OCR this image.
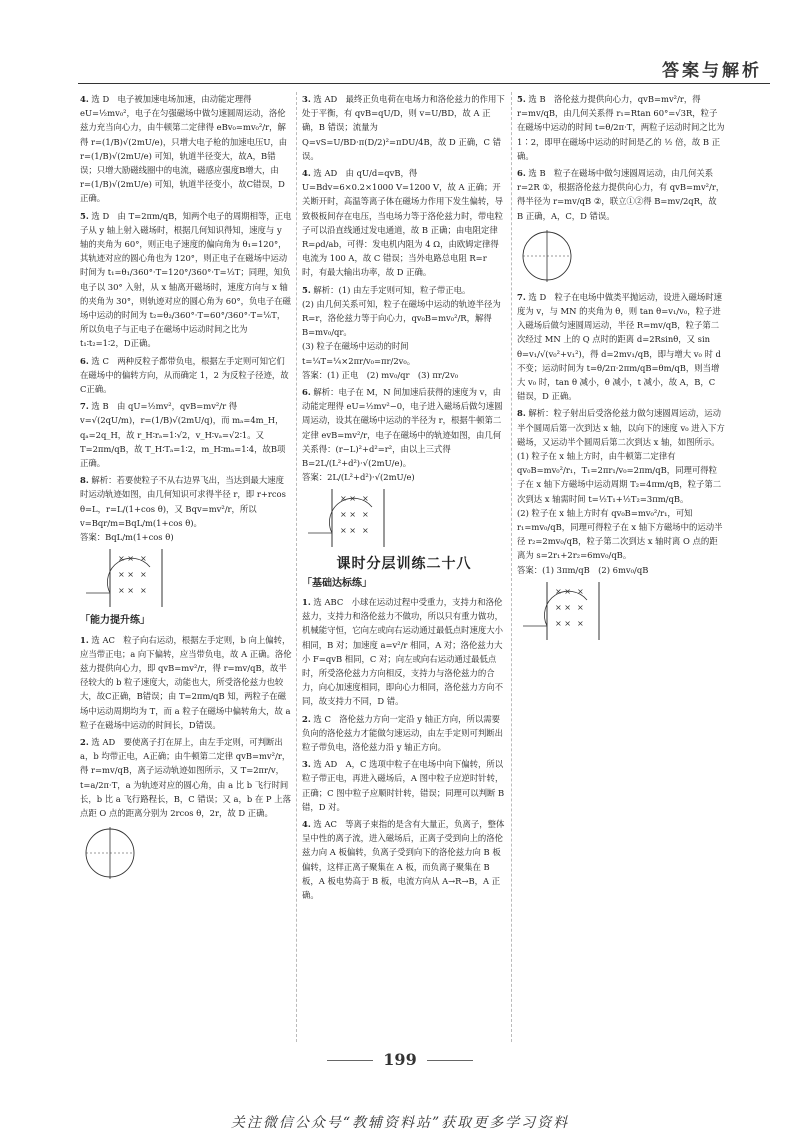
答案与解析
4. 选 D　电子被加速电场加速，由动能定理得 eU=½mv₀²，电子在匀强磁场中做匀速圆周运动，洛伦兹力充当向心力，由牛顿第二定律得 eBv₀=mv₀²/r，解得 r=(1/B)√(2mU/e)，只增大电子枪的加速电压U，由 r=(1/B)√(2mU/e) 可知，轨道半径变大，故A，B错误；只增大励磁线圈中的电流，磁感应强度B增大，由 r=(1/B)√(2mU/e) 可知，轨道半径变小，故C错误，D正确。
5. 选 D　由 T=2πm/qB，知两个电子的周期相等，正电子从 y 轴上射入磁场时，根据几何知识得知，速度与 y 轴的夹角为 60°，则正电子速度的偏向角为 θ₁=120°，其轨迹对应的圆心角也为 120°，则正电子在磁场中运动时间为 t₁=θ₁/360°·T=120°/360°·T=⅓T；同理，知负电子以 30° 入射，从 x 轴离开磁场时，速度方向与 x 轴的夹角为 30°，则轨迹对应的圆心角为 60°，负电子在磁场中运动的时间为 t₂=θ₂/360°·T=60°/360°·T=⅙T，所以负电子与正电子在磁场中运动时间之比为 t₁∶t₂=1∶2，D正确。
6. 选 C　两种反粒子都带负电，根据左手定则可知它们在磁场中的偏转方向，从而确定 1，2 为反粒子径迹，故C正确。
7. 选 B　由 qU=½mv²，qvB=mv²/r 得 v=√(2qU/m)，r=(1/B)√(2mU/q)，而 mₐ=4m_H，qₐ=2q_H，故 r_H∶rₐ=1∶√2，v_H∶vₐ=√2∶1。又 T=2πm/qB，故 T_H∶Tₐ=1∶2，m_H∶mₐ=1∶4，故B项正确。
8. 解析：若要使粒子不从右边界飞出，当达到最大速度时运动轨迹如图，由几何知识可求得半径 r，即 r+rcos θ=L，r=L/(1+cos θ)，又 Bqv=mv²/r，所以 v=Bqr/m=BqL/m(1+cos θ)。
答案：BqL/m(1+cos θ)
× × ×
× × ×
× × ×
「能力提升练」
1. 选 AC　粒子向右运动，根据左手定则，b 向上偏转，应当带正电；a 向下偏转，应当带负电，故 A 正确。洛伦兹力提供向心力，即 qvB=mv²/r，得 r=mv/qB，故半径较大的 b 粒子速度大，动能也大，所受洛伦兹力也较大，故C正确，B错误；由 T=2πm/qB 知，两粒子在磁场中运动周期均为 T，而 a 粒子在磁场中偏转角大，故 a 粒子在磁场中运动的时间长，D错误。
2. 选 AD　要使离子打在屏上，由左手定则，可判断出 a，b 均带正电，A正确；由牛顿第二定律 qvB=mv²/r，得 r=mv/qB，离子运动轨迹如图所示，又 T=2πr/v，t=a/2π·T，a 为轨迹对应的圆心角，由 a 比 b 飞行时间长，b 比 a 飞行路程长，B，C 错误；又 a，b 在 P 上落点距 O 点的距离分别为 2rcos θ，2r，故 D 正确。
3. 选 AD　最终正负电荷在电场力和洛伦兹力的作用下处于平衡，有 qvB=qU/D，则 v=U/BD，故 A 正确，B 错误；流量为 Q=vS=U/BD·π(D/2)²=πDU/4B，故 D 正确，C 错误。
4. 选 AD　由 qU/d=qvB，得 U=Bdv=6×0.2×1000 V=1200 V，故 A 正确；开关断开时，高温等离子体在磁场力作用下发生偏转，导致极板间存在电压，当电场力等于洛伦兹力时，带电粒子可以沿直线通过发电通道，故 B 正确；由电阻定律 R=ρd/ab，可得：发电机内阻为 4 Ω，由欧姆定律得电流为 100 A，故 C 错误；当外电路总电阻 R=r 时，有最大输出功率，故 D 正确。
5. 解析：(1) 由左手定则可知，粒子带正电。
(2) 由几何关系可知，粒子在磁场中运动的轨迹半径为 R=r，洛伦兹力等于向心力，qv₀B=mv₀²/R，解得 B=mv₀/qr。
(3) 粒子在磁场中运动的时间 t=¼T=¼×2πr/v₀=πr/2v₀。
答案：(1) 正电　(2) mv₀/qr　(3) πr/2v₀
6. 解析：电子在 M，N 间加速后获得的速度为 v，由动能定理得 eU=½mv²−0，电子进入磁场后做匀速圆周运动，设其在磁场中运动的半径为 r，根据牛顿第二定律 evB=mv²/r，电子在磁场中的轨迹如图，由几何关系得：(r−L)²+d²=r²，由以上三式得 B=2L/(L²+d²)·√(2mU/e)。
答案：2L/(L²+d²)·√(2mU/e)
× × ×
× × ×
× × ×
课时分层训练二十八
「基础达标练」
1. 选 ABC　小球在运动过程中受重力，支持力和洛伦兹力，支持力和洛伦兹力不做功，所以只有重力做功，机械能守恒，它向左或向右运动通过最低点时速度大小相同，B 对；加速度 a=v²/r 相同，A 对；洛伦兹力大小 F=qvB 相同，C 对；向左或向右运动通过最低点时，所受洛伦兹力方向相反，支持力与洛伦兹力的合力，向心加速度相同，即向心力相同，洛伦兹力方向不同，故支持力不同，D 错。
2. 选 C　洛伦兹力方向一定沿 y 轴正方向，所以需要负向的洛伦兹力才能做匀速运动，由左手定则可判断出粒子带负电，洛伦兹力沿 y 轴正方向。
3. 选 AD　A，C 选项中粒子在电场中向下偏转，所以粒子带正电，再进入磁场后，A 图中粒子应逆时针转，正确；C 图中粒子应顺时针转，错误；同理可以判断 B 错，D 对。
4. 选 AC　等离子束指的是含有大量正，负离子，整体呈中性的离子流，进入磁场后，正离子受到向上的洛伦兹力向 A 板偏转，负离子受到向下的洛伦兹力向 B 板偏转，这样正离子聚集在 A 板，而负离子聚集在 B 板，A 板电势高于 B 板，电流方向从 A→R→B，A 正确。
5. 选 B　洛伦兹力提供向心力，qvB=mv²/r，得 r=mv/qB，由几何关系得 r₁=Rtan 60°=√3R，粒子在磁场中运动的时间 t=θ/2π·T，两粒子运动时间之比为 1∶2，即甲在磁场中运动的时间是乙的 ½ 倍，故 B 正确。
6. 选 B　粒子在磁场中做匀速圆周运动，由几何关系 r=2R ①，根据洛伦兹力提供向心力，有 qvB=mv²/r，得半径为 r=mv/qB ②，联立①②得 B=mv/2qR，故 B 正确，A，C，D 错误。
7. 选 D　粒子在电场中做类平抛运动，设进入磁场时速度为 v，与 MN 的夹角为 θ，则 tan θ=v₁/v₀，粒子进入磁场后做匀速圆周运动，半径 R=mv/qB，粒子第二次经过 MN 上的 Q 点时的距离 d=2Rsinθ，又 sin θ=v₁/√(v₀²+v₁²)，得 d=2mv₁/qB，即与增大 v₀ 时 d 不变；运动时间为 t=θ/2π·2πm/qB=θm/qB，则当增大 v₀ 时，tan θ 减小，θ 减小，t 减小，故 A，B，C 错误，D 正确。
8. 解析：粒子射出后受洛伦兹力做匀速圆周运动，运动半个圆周后第一次到达 x 轴，以向下的速度 v₀ 进入下方磁场，又运动半个圆周后第二次到达 x 轴，如图所示。
(1) 粒子在 x 轴上方时，由牛顿第二定律有 qv₀B=mv₀²/r₁，T₁=2πr₁/v₀=2πm/qB，同理可得粒子在 x 轴下方磁场中运动周期 T₂=4πm/qB，粒子第二次到达 x 轴需时间 t=½T₁+½T₂=3πm/qB。
(2) 粒子在 x 轴上方时有 qv₀B=mv₀²/r₁，可知 r₁=mv₀/qB，同理可得粒子在 x 轴下方磁场中的运动半径 r₂=2mv₀/qB，粒子第二次到达 x 轴时离 O 点的距离为 s=2r₁+2r₂=6mv₀/qB。
答案：(1) 3πm/qB　(2) 6mv₀/qB
× × ×
× × ×
× × ×
199
关注微信公众号“教辅资料站”获取更多学习资料
